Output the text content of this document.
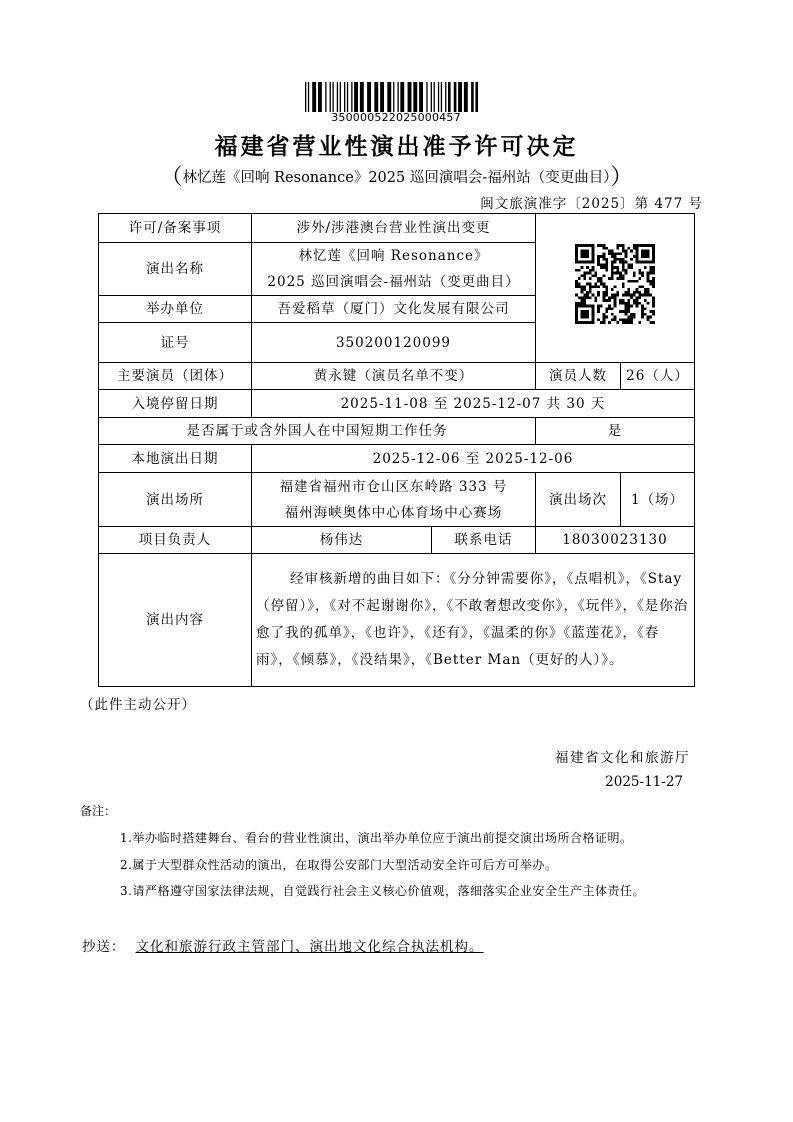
350000522025000457
福建省营业性演出准予许可决定
（林忆莲《回响 Resonance》2025 巡回演唱会-福州站（变更曲目））
闽文旅演准字〔2025〕第 477 号
许可/备案事项	涉外/涉港澳台营业性演出变更	
演出名称	林忆莲《回响 Resonance》
2025 巡回演唱会-福州站（变更曲目）			

举办单位	吾爱稻草（厦门）文化发展有限公司			
证号	350200120099			
主要演员（团体）	黄永键（演员名单不变）		演员人数	26（人）
入境停留日期	2025-11-08 至 2025-12-07 共 30 天			
是否属于或含外国人在中国短期工作任务			是	
本地演出日期	2025-12-06 至 2025-12-06			
演出场所	福建省福州市仓山区东岭路 333 号
福州海峡奥体中心体育场中心赛场		演出场次	1（场）
项目负责人	杨伟达	联系电话	18030023130	
演出内容	经审核新增的曲目如下：《分分钟需要你》，《点唱机》，《Stay（停留）》，《对不起谢谢你》，《不敢奢想改变你》，《玩伴》，《是你治愈了我的孤单》，《也许》，《还有》，《温柔的你》《蓝莲花》，《春雨》，《倾慕》，《没结果》，《Better Man（更好的人）》。			
（此件主动公开）
福建省文化和旅游厅
2025-11-27
备注：
1.举办临时搭建舞台、看台的营业性演出，演出举办单位应于演出前提交演出场所合格证明。
2.属于大型群众性活动的演出，在取得公安部门大型活动安全许可后方可举办。
3.请严格遵守国家法律法规，自觉践行社会主义核心价值观，落细落实企业安全生产主体责任。
抄送： 文化和旅游行政主管部门、演出地文化综合执法机构。
